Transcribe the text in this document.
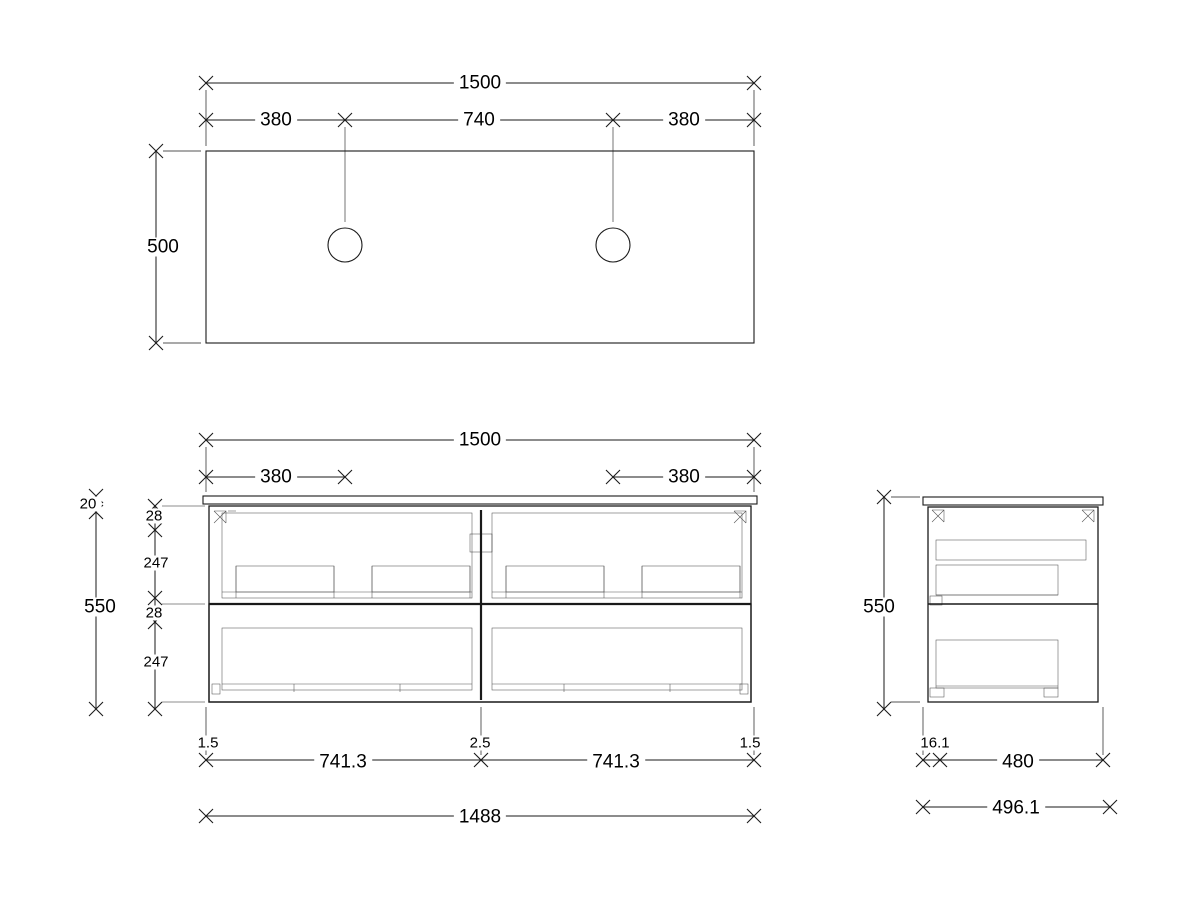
1500
380	740	380
500
1500
380	380
20
550
28
247
28
247
1.5
741.3
2.5
741.3
1.5
1488
550
16.1
480
496.1
